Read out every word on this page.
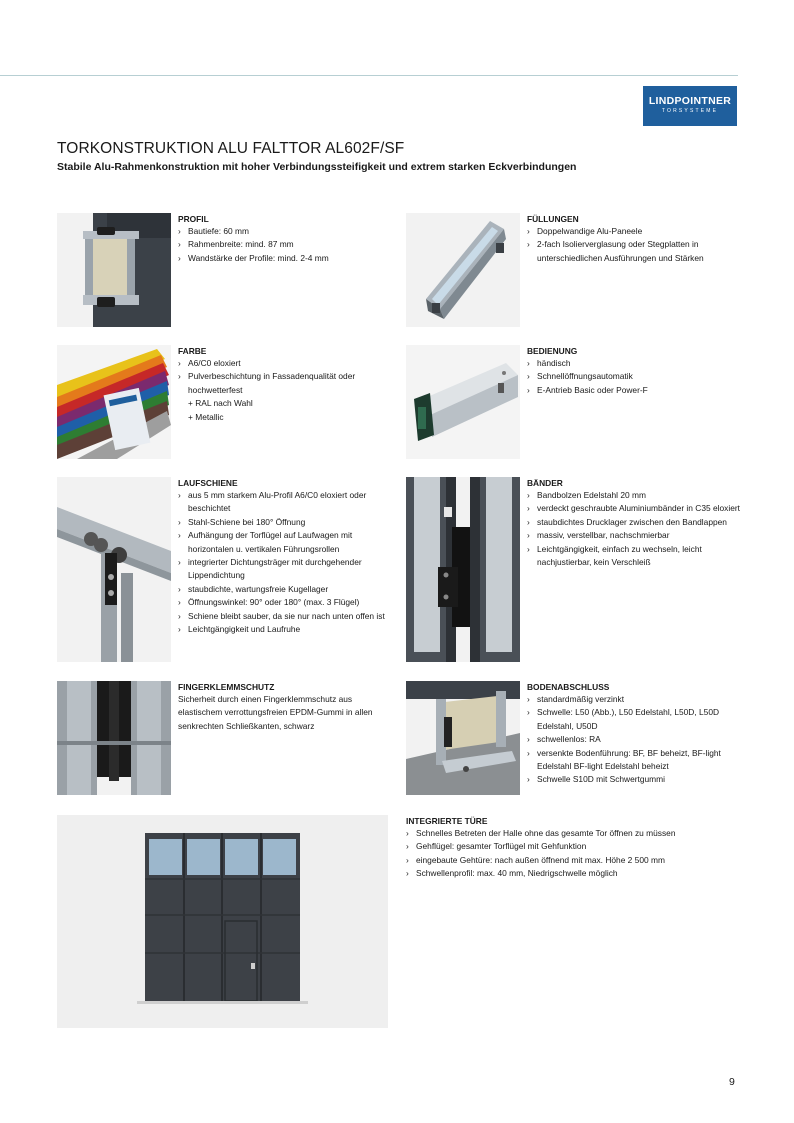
LINDPOINTNER
TORSYSTEME
TORKONSTRUKTION ALU FALTTOR AL602F/SF
Stabile Alu-Rahmenkonstruktion mit hoher Verbindungssteifigkeit und extrem starken Eckverbindungen
PROFIL
› Bautiefe: 60 mm
› Rahmenbreite: mind. 87 mm
› Wandstärke der Profile: mind. 2-4 mm
FÜLLUNGEN
› Doppelwandige Alu-Paneele
› 2-fach Isolierverglasung oder Stegplatten in unterschiedlichen Ausführungen und Stärken
FARBE
› A6/C0 eloxiert
› Pulverbeschichtung in Fassadenqualität oder hochwetterfest
+ RAL nach Wahl
+ Metallic
BEDIENUNG
› händisch
› Schnellöffnungsautomatik
› E-Antrieb Basic oder Power-F
LAUFSCHIENE
› aus 5 mm starkem Alu-Profil A6/C0 eloxiert oder beschichtet
› Stahl-Schiene bei 180° Öffnung
› Aufhängung der Torflügel auf Laufwagen mit horizontalen u. vertikalen Führungsrollen
› integrierter Dichtungsträger mit durchgehender Lippendichtung
› staubdichte, wartungsfreie Kugellager
› Öffnungswinkel: 90° oder 180° (max. 3 Flügel)
› Schiene bleibt sauber, da sie nur nach unten offen ist
› Leichtgängigkeit und Laufruhe
BÄNDER
› Bandbolzen Edelstahl 20 mm
› verdeckt geschraubte Aluminiumbänder in C35 eloxiert
› staubdichtes Drucklager zwischen den Bandlappen
› massiv, verstellbar, nachschmierbar
› Leichtgängigkeit, einfach zu wechseln, leicht nachjustierbar, kein Verschleiß
FINGERKLEMMSCHUTZ

Sicherheit durch einen Fingerklemmschutz aus elastischem verrottungsfreien EPDM-Gummi in allen senkrechten Schließkanten, schwarz

BODENABSCHLUSS
› standardmäßig verzinkt
› Schwelle: L50 (Abb.), L50 Edelstahl, L50D, L50D Edelstahl, U50D
› schwellenlos: RA
› versenkte Bodenführung: BF, BF beheizt, BF-light Edelstahl BF-light Edelstahl beheizt
› Schwelle S10D mit Schwertgummi
INTEGRIERTE TÜRE
› Schnelles Betreten der Halle ohne das gesamte Tor öffnen zu müssen
› Gehflügel: gesamter Torflügel mit Gehfunktion
› eingebaute Gehtüre: nach außen öffnend mit max. Höhe 2 500 mm
› Schwellenprofil: max. 40 mm, Niedrigschwelle möglich
9
